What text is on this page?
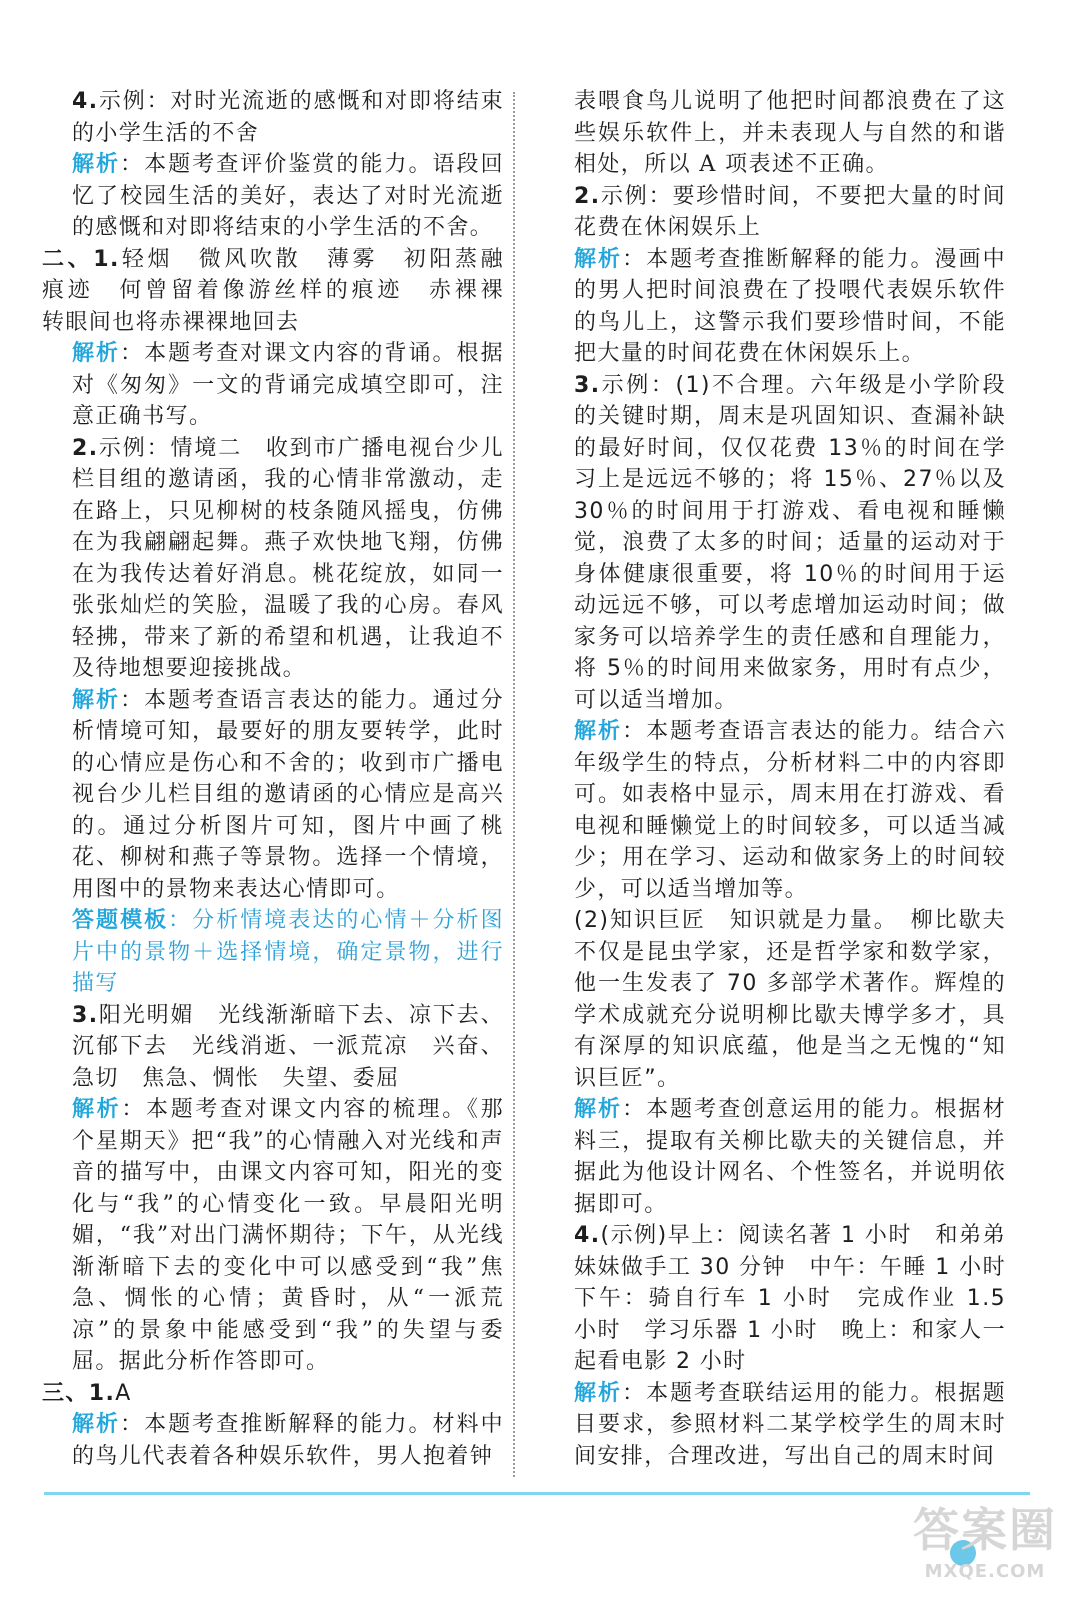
4.示例：对时光流逝的感慨和对即将结束的小学生活的不舍
解析：本题考查评价鉴赏的能力。语段回忆了校园生活的美好，表达了对时光流逝的感慨和对即将结束的小学生活的不舍。
二、1.轻烟　微风吹散　薄雾　初阳蒸融　痕迹　何曾留着像游丝样的痕迹　赤裸裸　转眼间也将赤裸裸地回去
解析：本题考查对课文内容的背诵。根据对《匆匆》一文的背诵完成填空即可，注意正确书写。
2.示例：情境二　收到市广播电视台少儿栏目组的邀请函，我的心情非常激动，走在路上，只见柳树的枝条随风摇曳，仿佛在为我翩翩起舞。燕子欢快地飞翔，仿佛在为我传达着好消息。桃花绽放，如同一张张灿烂的笑脸，温暖了我的心房。春风轻拂，带来了新的希望和机遇，让我迫不及待地想要迎接挑战。
解析：本题考查语言表达的能力。通过分析情境可知，最要好的朋友要转学，此时的心情应是伤心和不舍的；收到市广播电视台少儿栏目组的邀请函的心情应是高兴的。通过分析图片可知，图片中画了桃花、柳树和燕子等景物。选择一个情境，用图中的景物来表达心情即可。
答题模板：分析情境表达的心情＋分析图片中的景物＋选择情境，确定景物，进行描写
3.阳光明媚　光线渐渐暗下去、凉下去、沉郁下去　光线消逝、一派荒凉　兴奋、急切　焦急、惆怅　失望、委屈
解析：本题考查对课文内容的梳理。《那个星期天》把“我”的心情融入对光线和声音的描写中，由课文内容可知，阳光的变化与“我”的心情变化一致。早晨阳光明媚，“我”对出门满怀期待；下午，从光线渐渐暗下去的变化中可以感受到“我”焦急、惆怅的心情；黄昏时，从“一派荒凉”的景象中能感受到“我”的失望与委屈。据此分析作答即可。
三、1.A
解析：本题考查推断解释的能力。材料中的鸟儿代表着各种娱乐软件，男人抱着钟
表喂食鸟儿说明了他把时间都浪费在了这些娱乐软件上，并未表现人与自然的和谐相处，所以 A 项表述不正确。
2.示例：要珍惜时间，不要把大量的时间花费在休闲娱乐上
解析：本题考查推断解释的能力。漫画中的男人把时间浪费在了投喂代表娱乐软件的鸟儿上，这警示我们要珍惜时间，不能把大量的时间花费在休闲娱乐上。
3.示例：(1)不合理。六年级是小学阶段的关键时期，周末是巩固知识、查漏补缺的最好时间，仅仅花费 13％的时间在学习上是远远不够的；将 15％、27％以及 30％的时间用于打游戏、看电视和睡懒觉，浪费了太多的时间；适量的运动对于身体健康很重要，将 10％的时间用于运动远远不够，可以考虑增加运动时间；做家务可以培养学生的责任感和自理能力，将 5％的时间用来做家务，用时有点少，可以适当增加。
解析：本题考查语言表达的能力。结合六年级学生的特点，分析材料二中的内容即可。如表格中显示，周末用在打游戏、看电视和睡懒觉上的时间较多，可以适当减少；用在学习、运动和做家务上的时间较少，可以适当增加等。
(2)知识巨匠　知识就是力量。　柳比歇夫不仅是昆虫学家，还是哲学家和数学家，他一生发表了 70 多部学术著作。辉煌的学术成就充分说明柳比歇夫博学多才，具有深厚的知识底蕴，他是当之无愧的“知识巨匠”。
解析：本题考查创意运用的能力。根据材料三，提取有关柳比歇夫的关键信息，并据此为他设计网名、个性签名，并说明依据即可。
4.(示例)早上：阅读名著 1 小时　和弟弟妹妹做手工 30 分钟　中午：午睡 1 小时　下午：骑自行车 1 小时　完成作业 1.5 小时　学习乐器 1 小时　晚上：和家人一起看电影 2 小时
解析：本题考查联结运用的能力。根据题目要求，参照材料二某学校学生的周末时间安排，合理改进，写出自己的周末时间
答案圈
MXQE.COM
